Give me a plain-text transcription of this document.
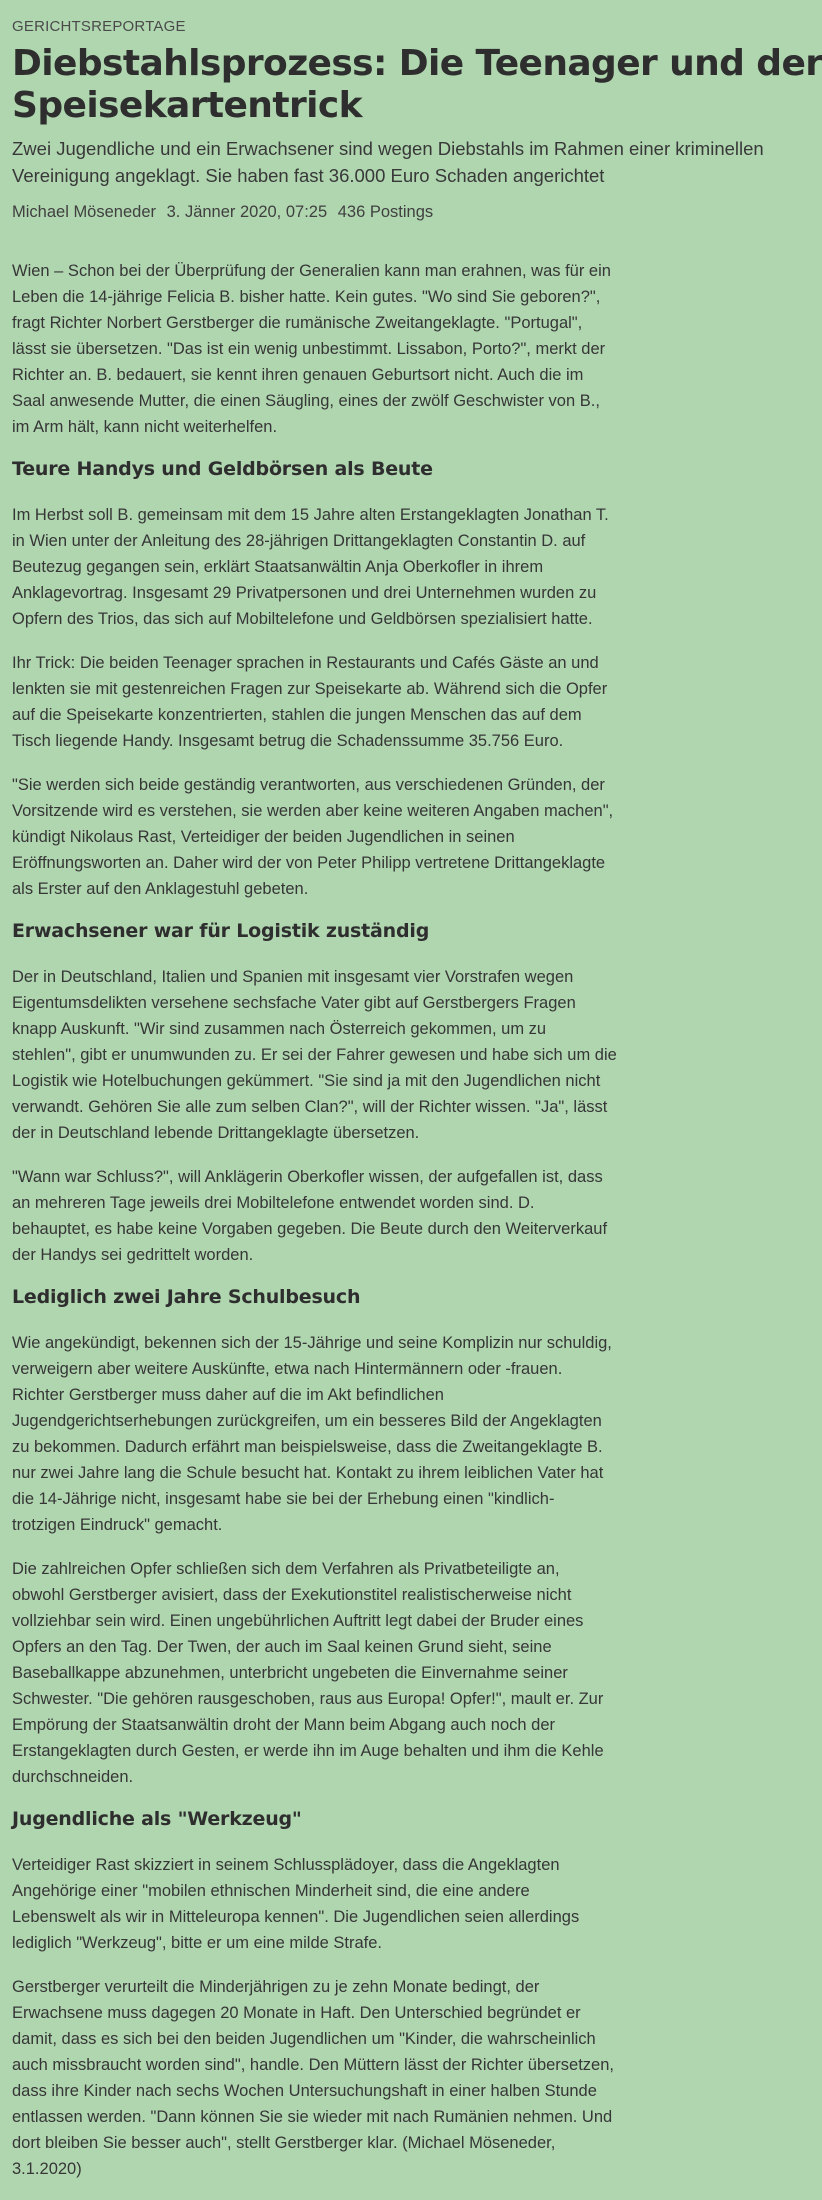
GERICHTSREPORTAGE
Diebstahlsprozess: Die Teenager und der
Speisekartentrick
Zwei Jugendliche und ein Erwachsener sind wegen Diebstahls im Rahmen einer kriminellen
Vereinigung angeklagt. Sie haben fast 36.000 Euro Schaden angerichtet
Michael Möseneder 3. Jänner 2020, 07:25 436 Postings

Wien – Schon bei der Überprüfung der Generalien kann man erahnen, was für ein
Leben die 14-jährige Felicia B. bisher hatte. Kein gutes. "Wo sind Sie geboren?",
fragt Richter Norbert Gerstberger die rumänische Zweitangeklagte. "Portugal",
lässt sie übersetzen. "Das ist ein wenig unbestimmt. Lissabon, Porto?", merkt der
Richter an. B. bedauert, sie kennt ihren genauen Geburtsort nicht. Auch die im
Saal anwesende Mutter, die einen Säugling, eines der zwölf Geschwister von B.,
im Arm hält, kann nicht weiterhelfen.

Teure Handys und Geldbörsen als Beute

Im Herbst soll B. gemeinsam mit dem 15 Jahre alten Erstangeklagten Jonathan T.
in Wien unter der Anleitung des 28-jährigen Drittangeklagten Constantin D. auf
Beutezug gegangen sein, erklärt Staatsanwältin Anja Oberkofler in ihrem
Anklagevortrag. Insgesamt 29 Privatpersonen und drei Unternehmen wurden zu
Opfern des Trios, das sich auf Mobiltelefone und Geldbörsen spezialisiert hatte.

Ihr Trick: Die beiden Teenager sprachen in Restaurants und Cafés Gäste an und
lenkten sie mit gestenreichen Fragen zur Speisekarte ab. Während sich die Opfer
auf die Speisekarte konzentrierten, stahlen die jungen Menschen das auf dem
Tisch liegende Handy. Insgesamt betrug die Schadenssumme 35.756 Euro.

"Sie werden sich beide geständig verantworten, aus verschiedenen Gründen, der
Vorsitzende wird es verstehen, sie werden aber keine weiteren Angaben machen",
kündigt Nikolaus Rast, Verteidiger der beiden Jugendlichen in seinen
Eröffnungsworten an. Daher wird der von Peter Philipp vertretene Drittangeklagte
als Erster auf den Anklagestuhl gebeten.

Erwachsener war für Logistik zuständig

Der in Deutschland, Italien und Spanien mit insgesamt vier Vorstrafen wegen
Eigentumsdelikten versehene sechsfache Vater gibt auf Gerstbergers Fragen
knapp Auskunft. "Wir sind zusammen nach Österreich gekommen, um zu
stehlen", gibt er unumwunden zu. Er sei der Fahrer gewesen und habe sich um die
Logistik wie Hotelbuchungen gekümmert. "Sie sind ja mit den Jugendlichen nicht
verwandt. Gehören Sie alle zum selben Clan?", will der Richter wissen. "Ja", lässt
der in Deutschland lebende Drittangeklagte übersetzen.

"Wann war Schluss?", will Anklägerin Oberkofler wissen, der aufgefallen ist, dass
an mehreren Tage jeweils drei Mobiltelefone entwendet worden sind. D.
behauptet, es habe keine Vorgaben gegeben. Die Beute durch den Weiterverkauf
der Handys sei gedrittelt worden.

Lediglich zwei Jahre Schulbesuch

Wie angekündigt, bekennen sich der 15-Jährige und seine Komplizin nur schuldig,
verweigern aber weitere Auskünfte, etwa nach Hintermännern oder -frauen.
Richter Gerstberger muss daher auf die im Akt befindlichen
Jugendgerichtserhebungen zurückgreifen, um ein besseres Bild der Angeklagten
zu bekommen. Dadurch erfährt man beispielsweise, dass die Zweitangeklagte B.
nur zwei Jahre lang die Schule besucht hat. Kontakt zu ihrem leiblichen Vater hat
die 14-Jährige nicht, insgesamt habe sie bei der Erhebung einen "kindlich-
trotzigen Eindruck" gemacht.

Die zahlreichen Opfer schließen sich dem Verfahren als Privatbeteiligte an,
obwohl Gerstberger avisiert, dass der Exekutionstitel realistischerweise nicht
vollziehbar sein wird. Einen ungebührlichen Auftritt legt dabei der Bruder eines
Opfers an den Tag. Der Twen, der auch im Saal keinen Grund sieht, seine
Baseballkappe abzunehmen, unterbricht ungebeten die Einvernahme seiner
Schwester. "Die gehören rausgeschoben, raus aus Europa! Opfer!", mault er. Zur
Empörung der Staatsanwältin droht der Mann beim Abgang auch noch der
Erstangeklagten durch Gesten, er werde ihn im Auge behalten und ihm die Kehle
durchschneiden.

Jugendliche als "Werkzeug"

Verteidiger Rast skizziert in seinem Schlussplädoyer, dass die Angeklagten
Angehörige einer "mobilen ethnischen Minderheit sind, die eine andere
Lebenswelt als wir in Mitteleuropa kennen". Die Jugendlichen seien allerdings
lediglich "Werkzeug", bitte er um eine milde Strafe.

Gerstberger verurteilt die Minderjährigen zu je zehn Monate bedingt, der
Erwachsene muss dagegen 20 Monate in Haft. Den Unterschied begründet er
damit, dass es sich bei den beiden Jugendlichen um "Kinder, die wahrscheinlich
auch missbraucht worden sind", handle. Den Müttern lässt der Richter übersetzen,
dass ihre Kinder nach sechs Wochen Untersuchungshaft in einer halben Stunde
entlassen werden. "Dann können Sie sie wieder mit nach Rumänien nehmen. Und
dort bleiben Sie besser auch", stellt Gerstberger klar. (Michael Möseneder,
3.1.2020)
